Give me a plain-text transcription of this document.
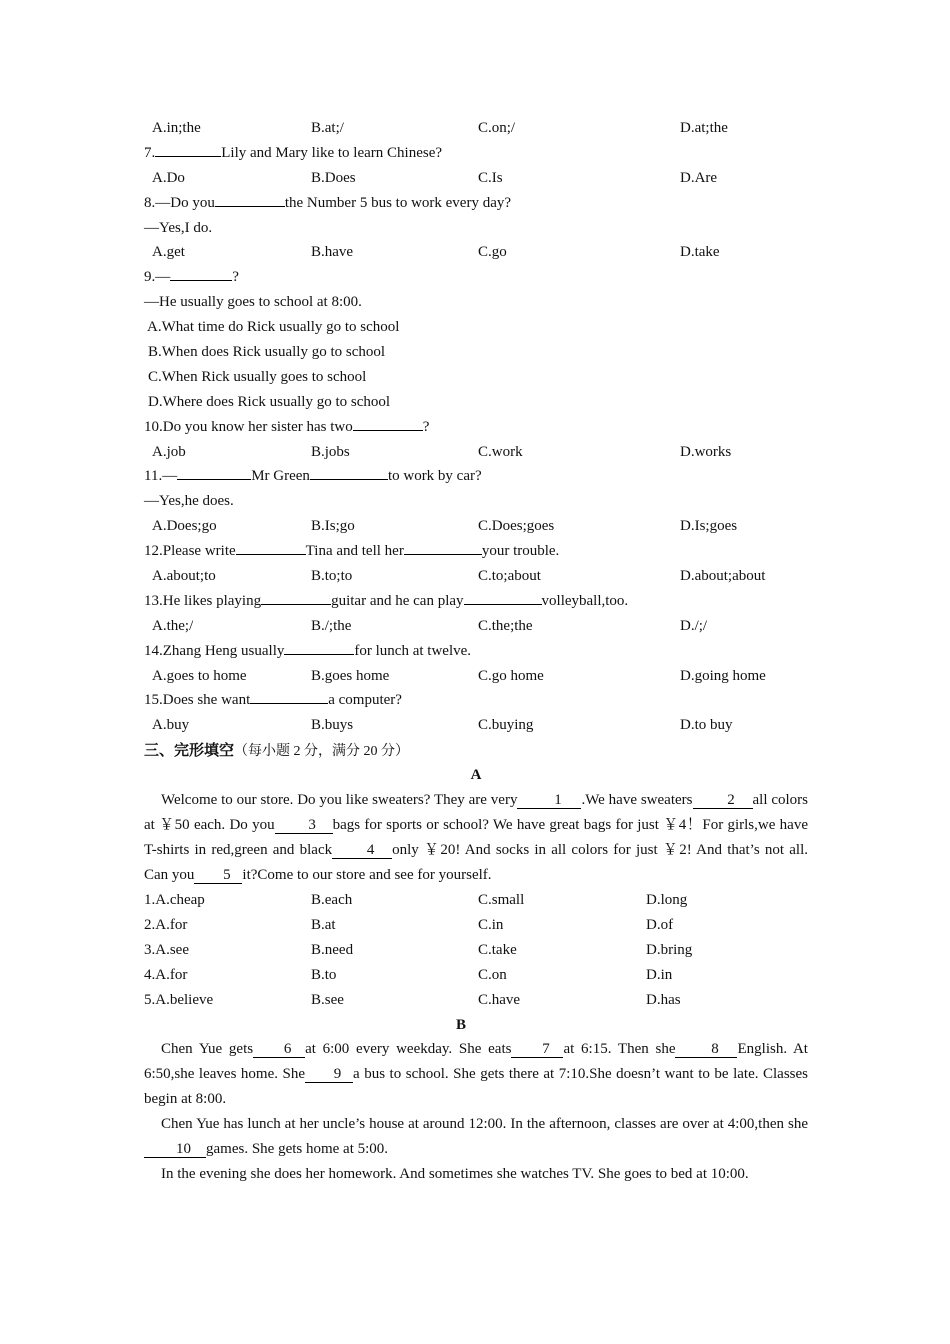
A.in;the	B.at;/	C.on;/	D.at;the
7.	Lily and Mary like to learn Chinese?
A.Do	B.Does	C.Is	D.Are
8.—Do you	the Number 5 bus to work every day?
—Yes,I do.
A.get	B.have	C.go	D.take
9.—	?
—He usually goes to school at 8:00.
A.What time do Rick usually go to school
B.When does Rick usually go to school
C.When Rick usually goes to school
D.Where does Rick usually go to school
10.Do you know her sister has two	?
A.job	B.jobs	C.work	D.works
11.—	Mr Green	to work by car?
—Yes,he does.
A.Does;go	B.Is;go	C.Does;goes	D.Is;goes
12.Please write	Tina and tell her	your trouble.
A.about;to	B.to;to	C.to;about	D.about;about
13.He likes playing	guitar and he can play	volleyball,too.
A.the;/	B./;the	C.the;the	D./;/
14.Zhang Heng usually	for lunch at twelve.
A.goes to home	B.goes home	C.go home	D.going home
15.Does she want	a computer?
A.buy	B.buys	C.buying	D.to buy
三、完形填空（每小题 2 分，满分 20 分）
A
Welcome to our store. Do you like sweaters? They are very 1 .We have sweaters 2 all colors at ￥50 each. Do you 3 bags for sports or school? We have great bags for just ￥4！For girls,we have T-shirts in red,green and black 4 only ￥20! And socks in all colors for just ￥2! And that’s not all. Can you 5 it?Come to our store and see for yourself.
1.A.cheap	B.each	C.small	D.long
2.A.for	B.at	C.in	D.of
3.A.see	B.need	C.take	D.bring
4.A.for	B.to	C.on	D.in
5.A.believe	B.see	C.have	D.has
B
Chen Yue gets 6 at 6:00 every weekday. She eats 7 at 6:15. Then she 8 English. At 6:50,she leaves home. She 9 a bus to school. She gets there at 7:10.She doesn’t want to be late. Classes begin at 8:00.
Chen Yue has lunch at her uncle’s house at around 12:00. In the afternoon, classes are over at 4:00,then she10 games. She gets home at 5:00.
In the evening she does her homework. And sometimes she watches TV. She goes to bed at 10:00.
